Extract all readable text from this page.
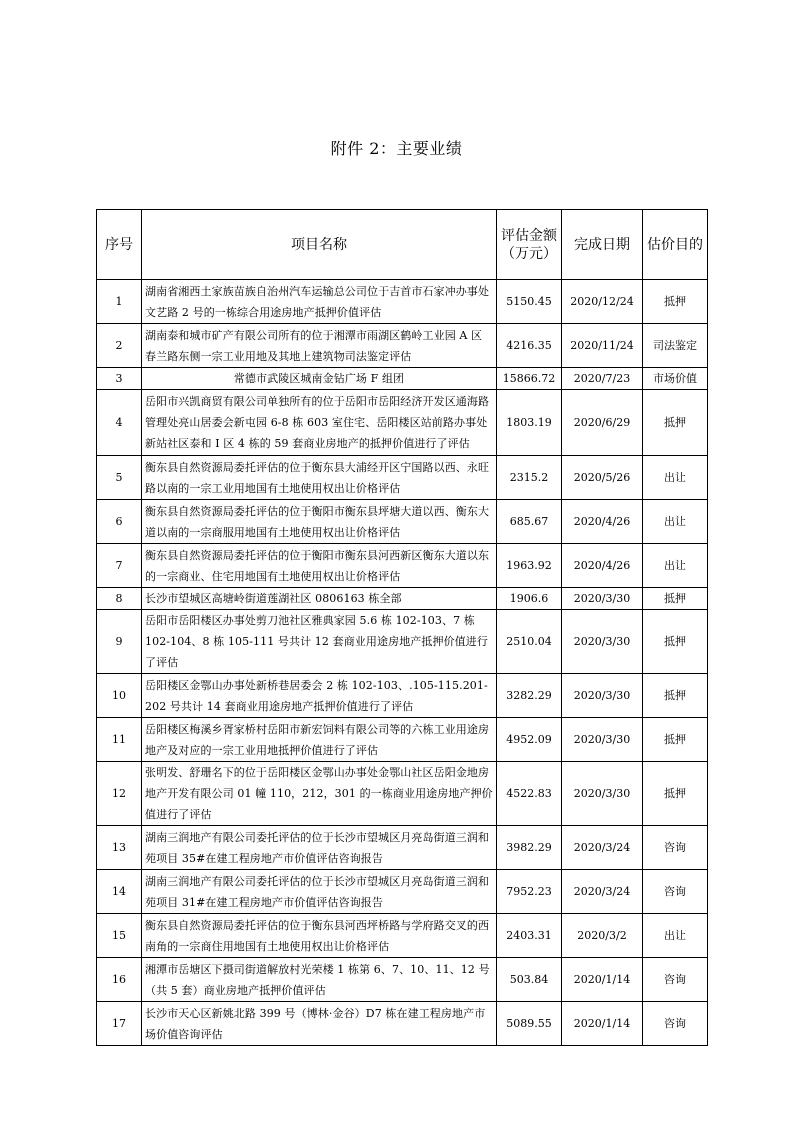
附件 2：主要业绩
序号	项目名称	评估金额（万元）	完成日期	估价目的
1	湖南省湘西土家族苗族自治州汽车运输总公司位于吉首市石家冲办事处文艺路 2 号的一栋综合用途房地产抵押价值评估	5150.45	2020/12/24	抵押
2	湖南泰和城市矿产有限公司所有的位于湘潭市雨湖区鹤岭工业园 A 区春兰路东侧一宗工业用地及其地上建筑物司法鉴定评估	4216.35	2020/11/24	司法鉴定
3	常德市武陵区城南金钻广场 F 组团	15866.72	2020/7/23	市场价值
4	岳阳市兴凯商贸有限公司单独所有的位于岳阳市岳阳经济开发区通海路管理处亮山居委会新屯园 6-8 栋 603 室住宅、岳阳楼区站前路办事处新站社区泰和 I 区 4 栋的 59 套商业房地产的抵押价值进行了评估	1803.19	2020/6/29	抵押
5	衡东县自然资源局委托评估的位于衡东县大浦经开区宁国路以西、永旺路以南的一宗工业用地国有土地使用权出让价格评估	2315.2	2020/5/26	出让
6	衡东县自然资源局委托评估的位于衡阳市衡东县坪塘大道以西、衡东大道以南的一宗商服用地国有土地使用权出让价格评估	685.67	2020/4/26	出让
7	衡东县自然资源局委托评估的位于衡阳市衡东县河西新区衡东大道以东的一宗商业、住宅用地国有土地使用权出让价格评估	1963.92	2020/4/26	出让
8	长沙市望城区高塘岭街道莲湖社区 0806163 栋全部	1906.6	2020/3/30	抵押
9	岳阳市岳阳楼区办事处剪刀池社区雅典家园 5.6 栋 102-103、7 栋 102-104、8 栋 105-111 号共计 12 套商业用途房地产抵押价值进行了评估	2510.04	2020/3/30	抵押
10	岳阳楼区金鄂山办事处新桥巷居委会 2 栋 102-103、.105-115.201-202 号共计 14 套商业用途房地产抵押价值进行了评估	3282.29	2020/3/30	抵押
11	岳阳楼区梅溪乡胥家桥村岳阳市新宏饲料有限公司等的六栋工业用途房地产及对应的一宗工业用地抵押价值进行了评估	4952.09	2020/3/30	抵押
12	张明发、舒珊名下的位于岳阳楼区金鄂山办事处金鄂山社区岳阳金地房地产开发有限公司 01 幢 110，212，301 的一栋商业用途房地产押价值进行了评估	4522.83	2020/3/30	抵押
13	湖南三润地产有限公司委托评估的位于长沙市望城区月亮岛街道三润和苑项目 35#在建工程房地产市价值评估咨询报告	3982.29	2020/3/24	咨询
14	湖南三润地产有限公司委托评估的位于长沙市望城区月亮岛街道三润和苑项目 31#在建工程房地产市价值评估咨询报告	7952.23	2020/3/24	咨询
15	衡东县自然资源局委托评估的位于衡东县河西坪桥路与学府路交叉的西南角的一宗商住用地国有土地使用权出让价格评估	2403.31	2020/3/2	出让
16	湘潭市岳塘区下摄司街道解放村光荣楼 1 栋第 6、7、10、11、12 号（共 5 套）商业房地产抵押价值评估	503.84	2020/1/14	咨询
17	长沙市天心区新姚北路 399 号（博林·金谷）D7 栋在建工程房地产市场价值咨询评估	5089.55	2020/1/14	咨询
